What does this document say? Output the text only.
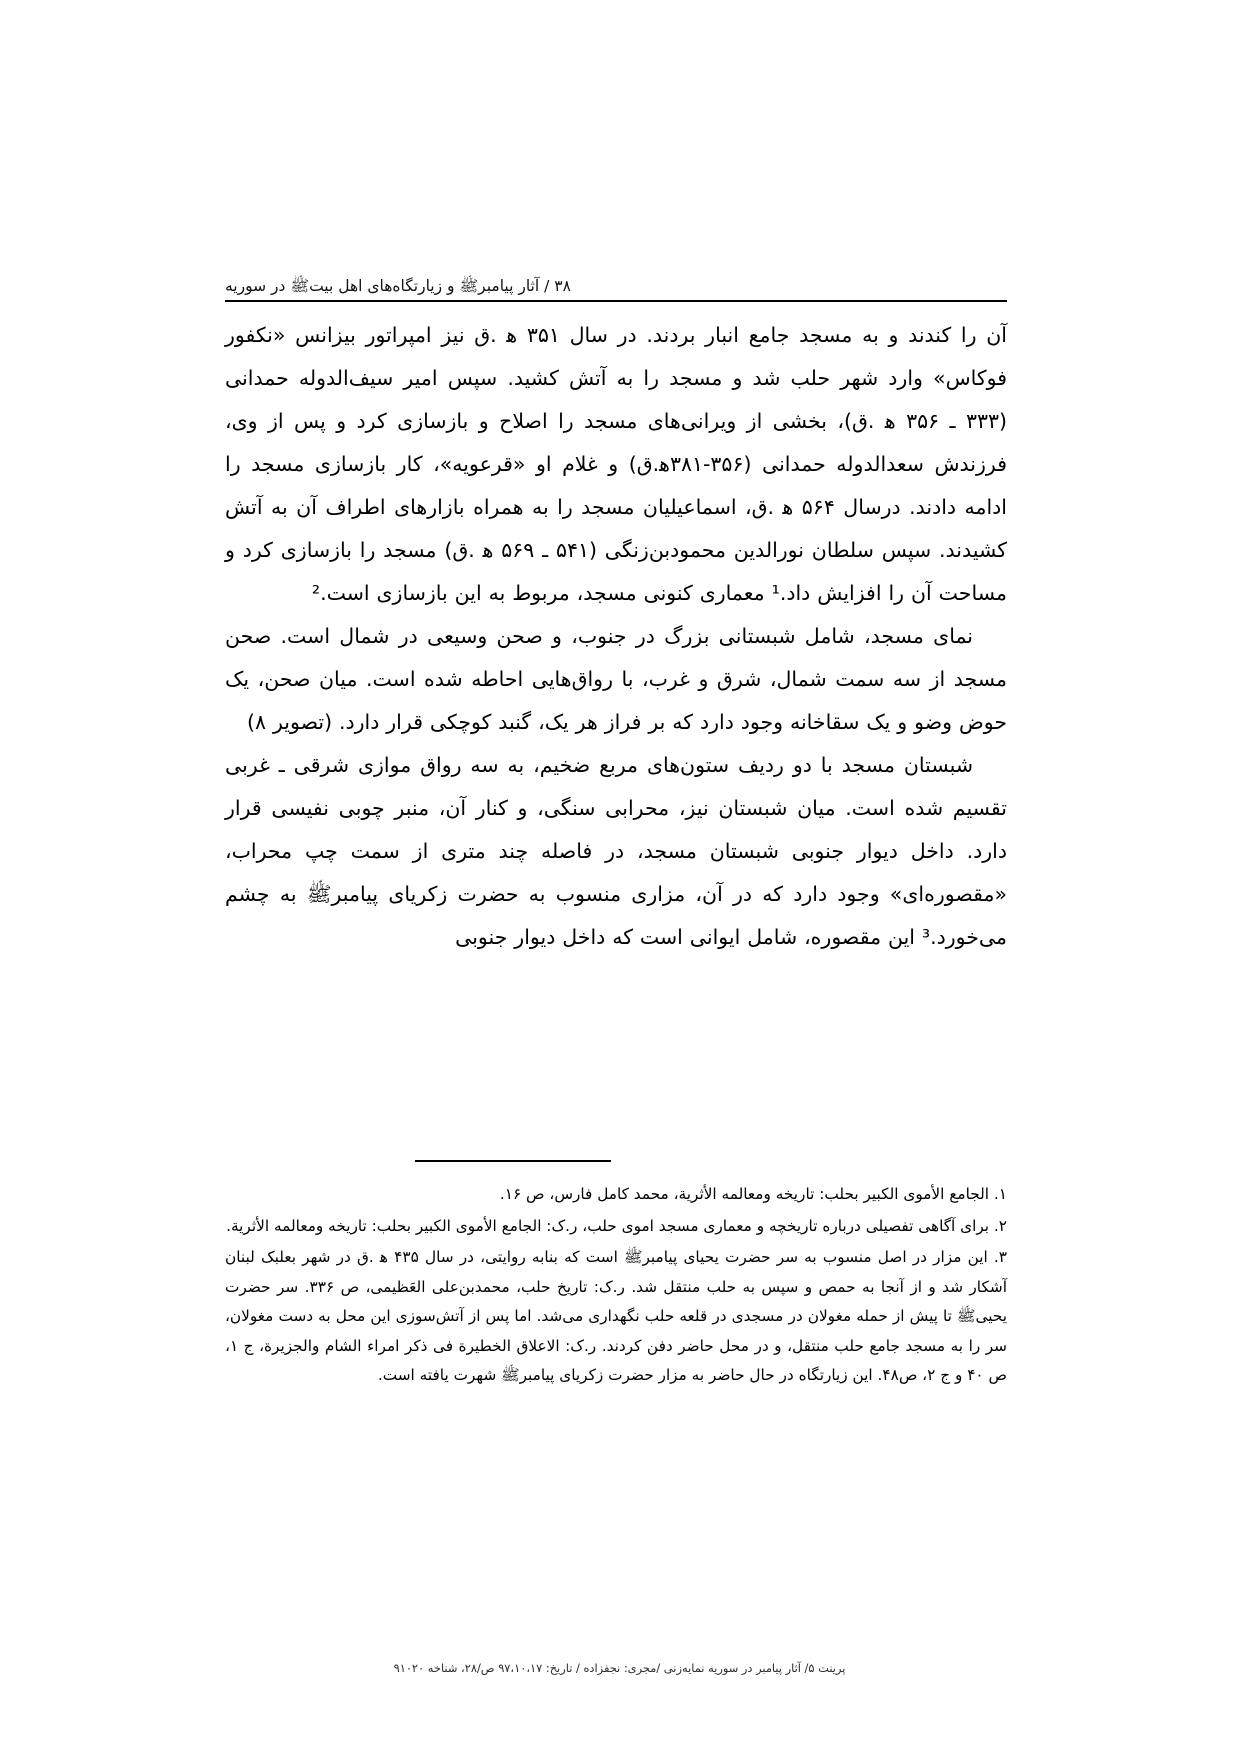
۳۸ / آثار پیامبرﷺ و زیارتگاه‌های اهل بیتﷺ در سوریه

آن را کندند و به مسجد جامع انبار بردند. در سال ۳۵۱ ه‍ .ق نیز امپراتور بیزانس «نکفور فوکاس» وارد شهر حلب شد و مسجد را به آتش کشید. سپس امیر سیف‌الدوله حمدانی (۳۳۳ ـ ۳۵۶ ه‍ .ق)، بخشی از ویرانی‌های مسجد را اصلاح و بازسازی کرد و پس از وی، فرزندش سعدالدوله حمدانی (۳۵۶-۳۸۱ه‍.ق) و غلام او «قرعویه»، کار بازسازی مسجد را ادامه دادند. درسال ۵۶۴ ه‍ .ق، اسماعیلیان مسجد را به همراه بازارهای اطراف آن به آتش کشیدند. سپس سلطان نورالدین محمودبن‌زنگی (۵۴۱ ـ ۵۶۹ ه‍ .ق) مسجد را بازسازی کرد و مساحت آن را افزایش داد.¹ معماری کنونی مسجد، مربوط به این بازسازی است.²

نمای مسجد، شامل شبستانی بزرگ در جنوب، و صحن وسیعی در شمال است. صحن مسجد از سه سمت شمال، شرق و غرب، با رواق‌هایی احاطه شده است. میان صحن، یک حوض وضو و یک سقاخانه وجود دارد که بر فراز هر یک، گنبد کوچکی قرار دارد. (تصویر ۸)

شبستان مسجد با دو ردیف ستون‌های مربع ضخیم، به سه رواق موازی شرقی ـ غربی تقسیم شده است. میان شبستان نیز، محرابی سنگی، و کنار آن، منبر چوبی نفیسی قرار دارد. داخل دیوار جنوبی شبستان مسجد، در فاصله چند متری از سمت چپ محراب، «مقصوره‌ای» وجود دارد که در آن، مزاری منسوب به حضرت زکریای پیامبرﷺ به چشم می‌خورد.³ این مقصوره، شامل ایوانی است که داخل دیوار جنوبی

۱. الجامع الأموی الکبیر بحلب: تاریخه ومعالمه الأثریة، محمد کامل فارس، ص ۱۶.

۲. برای آگاهی تفصیلی درباره تاریخچه و معماری مسجد اموی حلب، ر.ک: الجامع الأموی الکبیر بحلب: تاریخه ومعالمه الأثریة.

۳. این مزار در اصل منسوب به سر حضرت یحیای پیامبرﷺ است که بنابه روایتی، در سال ۴۳۵ ه‍ .ق در شهر بعلبک لبنان آشکار شد و از آنجا به حمص و سپس به حلب منتقل شد. ر.ک: تاریخ حلب، محمدبن‌علی العَظیمی، ص ۳۳۶. سر حضرت یحییﷺ تا پیش از حمله مغولان در مسجدی در قلعه حلب نگهداری می‌شد. اما پس از آتش‌سوزی این محل به دست مغولان، سر را به مسجد جامع حلب منتقل، و در محل حاضر دفن کردند. ر.ک: الاعلاق الخطیرة فی ذکر امراء الشام والجزیرة، ج ۱، ص ۴۰ و ج ۲، ص۴۸. این زیارتگاه در حال حاضر به مزار حضرت زکریای پیامبرﷺ شهرت یافته است.

پرینت ۵/ آثار پیامبر در سوریه نمایه‌زنی /مجری: نجفزاده / تاریخ: ۹۷،۱۰،۱۷ ص/۲۸، شناخه ۹۱۰۲۰
